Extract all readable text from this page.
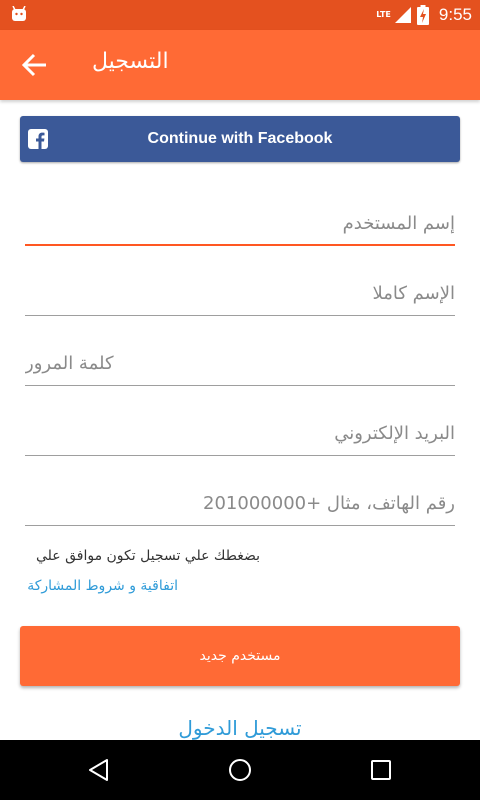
LTE	9:55
التسجيل
Continue with Facebook
إسم المستخدم
الإسم كاملا
البريد الإلكتروني
رقم الهاتف، مثال +201000000
بضغطك علي تسجيل تكون موافق علي
اتفاقية و شروط المشاركة
مستخدم جديد
تسجيل الدخول
